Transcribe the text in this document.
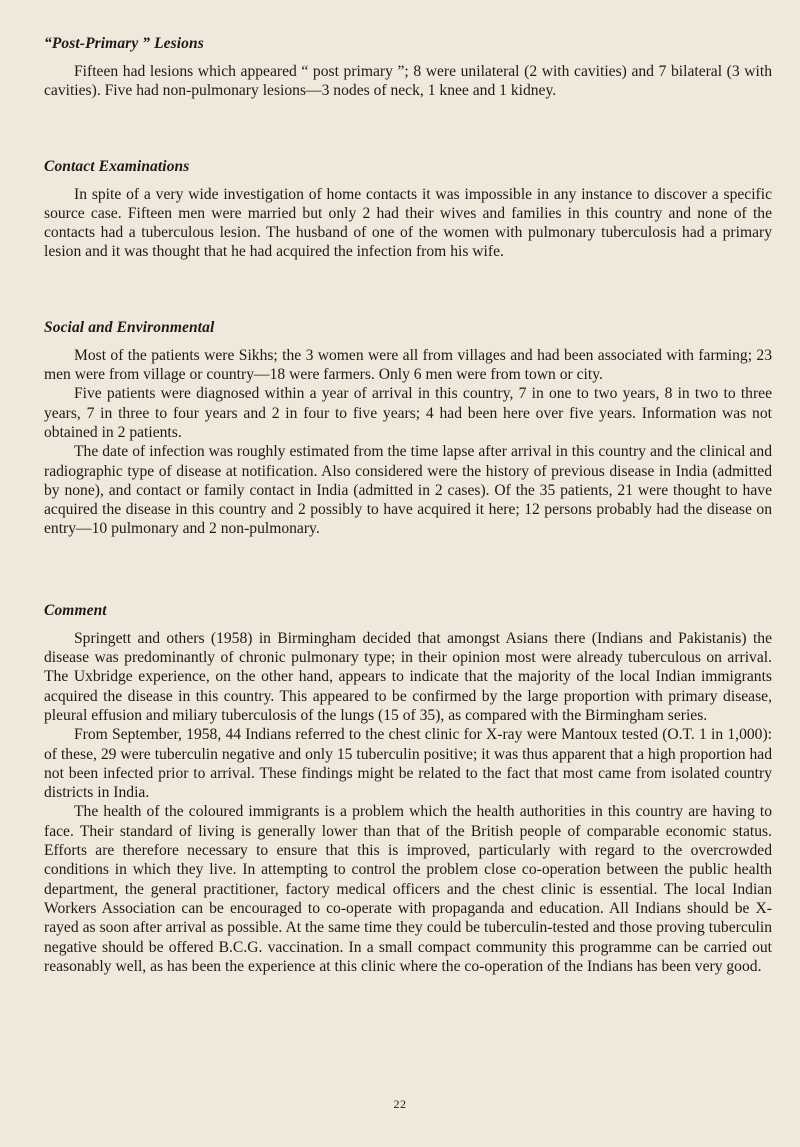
“Post-Primary ” Lesions

Fifteen had lesions which appeared “ post primary ”; 8 were unilateral (2 with cavities) and 7 bilateral (3 with cavities). Five had non-pulmonary lesions—3 nodes of neck, 1 knee and 1 kidney.

Contact Examinations

In spite of a very wide investigation of home contacts it was impossible in any instance to discover a specific source case. Fifteen men were married but only 2 had their wives and families in this country and none of the contacts had a tuberculous lesion. The husband of one of the women with pulmonary tuberculosis had a primary lesion and it was thought that he had acquired the infection from his wife.

Social and Environmental

Most of the patients were Sikhs; the 3 women were all from villages and had been associated with farming; 23 men were from village or country—18 were farmers. Only 6 men were from town or city.

Five patients were diagnosed within a year of arrival in this country, 7 in one to two years, 8 in two to three years, 7 in three to four years and 2 in four to five years; 4 had been here over five years. Information was not obtained in 2 patients.

The date of infection was roughly estimated from the time lapse after arrival in this country and the clinical and radiographic type of disease at notification. Also considered were the history of previous disease in India (admitted by none), and contact or family contact in India (admitted in 2 cases). Of the 35 patients, 21 were thought to have acquired the disease in this country and 2 possibly to have acquired it here; 12 persons probably had the disease on entry—10 pulmonary and 2 non-pulmonary.

Comment

Springett and others (1958) in Birmingham decided that amongst Asians there (Indians and Pakistanis) the disease was predominantly of chronic pulmonary type; in their opinion most were already tuberculous on arrival. The Uxbridge experience, on the other hand, appears to indicate that the majority of the local Indian immigrants acquired the disease in this country. This appeared to be confirmed by the large proportion with primary disease, pleural effusion and miliary tuberculosis of the lungs (15 of 35), as compared with the Birmingham series.

From September, 1958, 44 Indians referred to the chest clinic for X-ray were Mantoux tested (O.T. 1 in 1,000): of these, 29 were tuberculin negative and only 15 tuberculin positive; it was thus apparent that a high proportion had not been infected prior to arrival. These findings might be related to the fact that most came from isolated country districts in India.

The health of the coloured immigrants is a problem which the health authorities in this country are having to face. Their standard of living is generally lower than that of the British people of comparable economic status. Efforts are therefore necessary to ensure that this is improved, particularly with regard to the overcrowded conditions in which they live. In attempting to control the problem close co-operation between the public health department, the general practitioner, factory medical officers and the chest clinic is essential. The local Indian Workers Association can be encouraged to co-operate with propaganda and education. All Indians should be X-rayed as soon after arrival as possible. At the same time they could be tuberculin-tested and those proving tuberculin negative should be offered B.C.G. vaccination. In a small compact community this programme can be carried out reasonably well, as has been the experience at this clinic where the co-operation of the Indians has been very good.

22
